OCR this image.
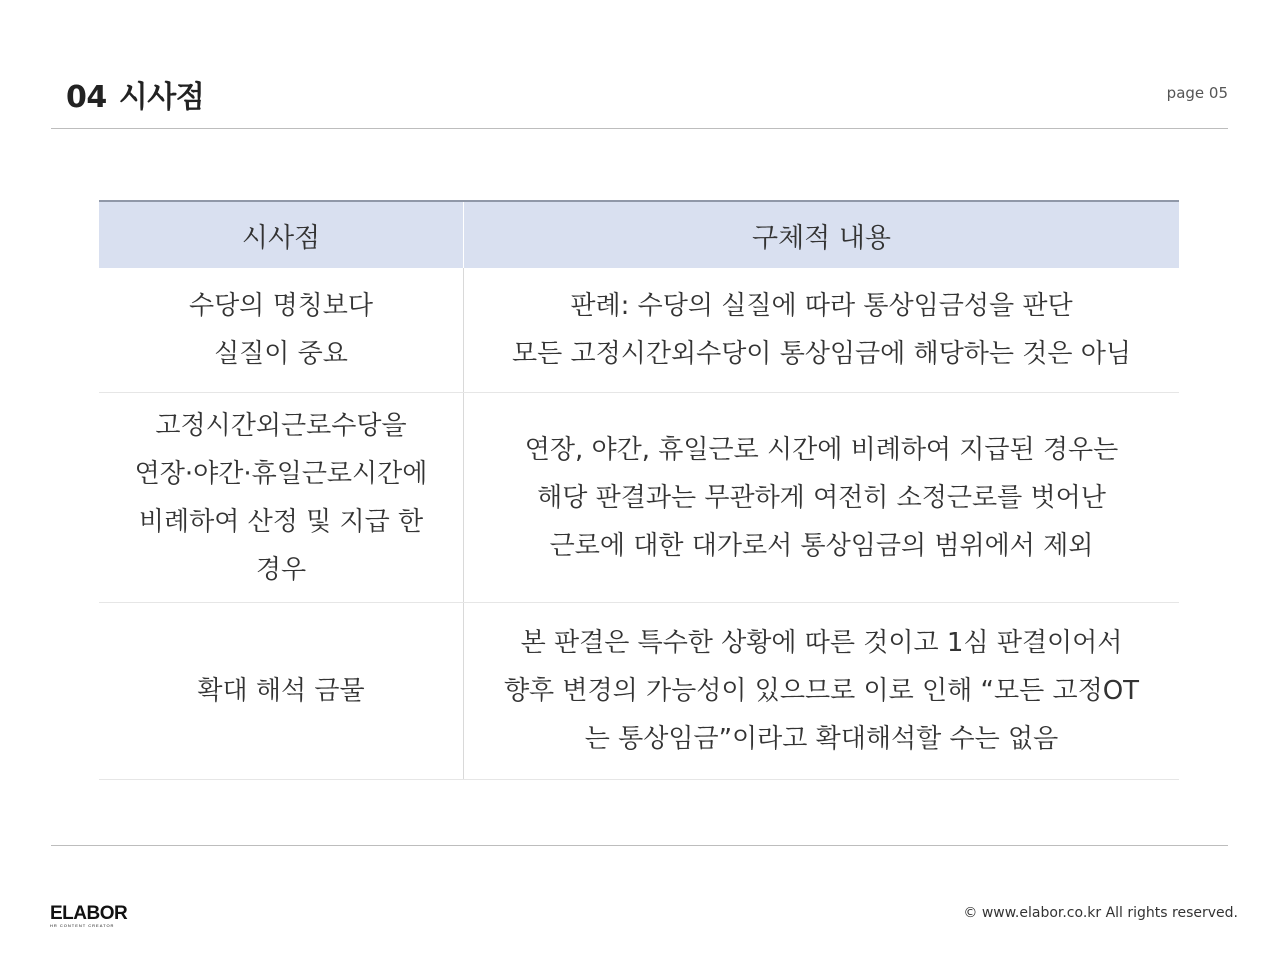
04 시사점	page 05
시사점	구체적 내용

수당의 명칭보다
실질이 중요	판례: 수당의 실질에 따라 통상임금성을 판단
모든 고정시간외수당이 통상임금에 해당하는 것은 아님

고정시간외근로수당을
연장·야간·휴일근로시간에
비례하여 산정 및 지급 한
경우	연장, 야간, 휴일근로 시간에 비례하여 지급된 경우는
해당 판결과는 무관하게 여전히 소정근로를 벗어난
근로에 대한 대가로서 통상임금의 범위에서 제외

확대 해석 금물	본 판결은 특수한 상황에 따른 것이고 1심 판결이어서
향후 변경의 가능성이 있으므로 이로 인해 “모든 고정OT
는 통상임금”이라고 확대해석할 수는 없음
ELABOR
HR CONTENT CREATOR
© www.elabor.co.kr All rights reserved.
